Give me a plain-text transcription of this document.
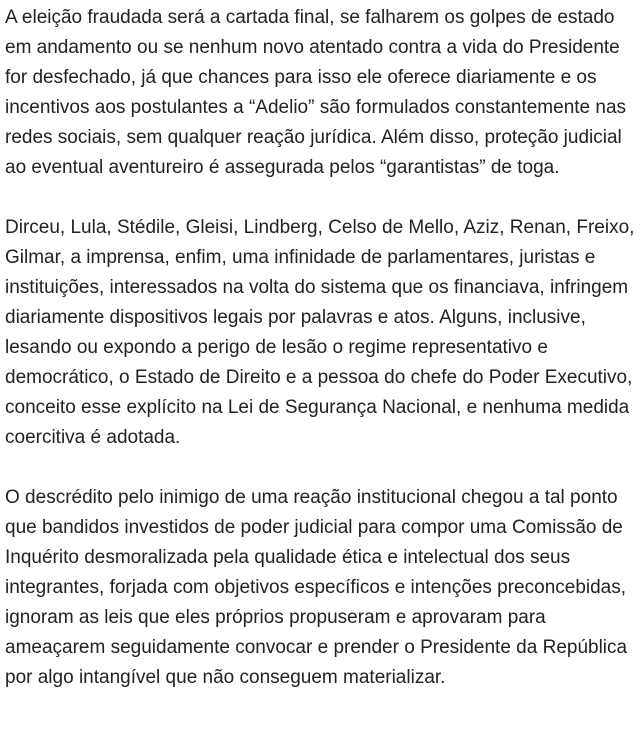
A eleição fraudada será a cartada final, se falharem os golpes de estado em andamento ou se nenhum novo atentado contra a vida do Presidente for desfechado, já que chances para isso ele oferece diariamente e os incentivos aos postulantes a “Adelio” são formulados constantemente nas redes sociais, sem qualquer reação jurídica. Além disso, proteção judicial ao eventual aventureiro é assegurada pelos “garantistas” de toga.

Dirceu, Lula, Stédile, Gleisi, Lindberg, Celso de Mello, Aziz, Renan, Freixo, Gilmar, a imprensa, enfim, uma infinidade de parlamentares, juristas e instituições, interessados na volta do sistema que os financiava, infringem diariamente dispositivos legais por palavras e atos. Alguns, inclusive, lesando ou expondo a perigo de lesão o regime representativo e democrático, o Estado de Direito e a pessoa do chefe do Poder Executivo, conceito esse explícito na Lei de Segurança Nacional, e nenhuma medida coercitiva é adotada.

O descrédito pelo inimigo de uma reação institucional chegou a tal ponto que bandidos investidos de poder judicial para compor uma Comissão de Inquérito desmoralizada pela qualidade ética e intelectual dos seus integrantes, forjada com objetivos específicos e intenções preconcebidas, ignoram as leis que eles próprios propuseram e aprovaram para ameaçarem seguidamente convocar e prender o Presidente da República por algo intangível que não conseguem materializar.
